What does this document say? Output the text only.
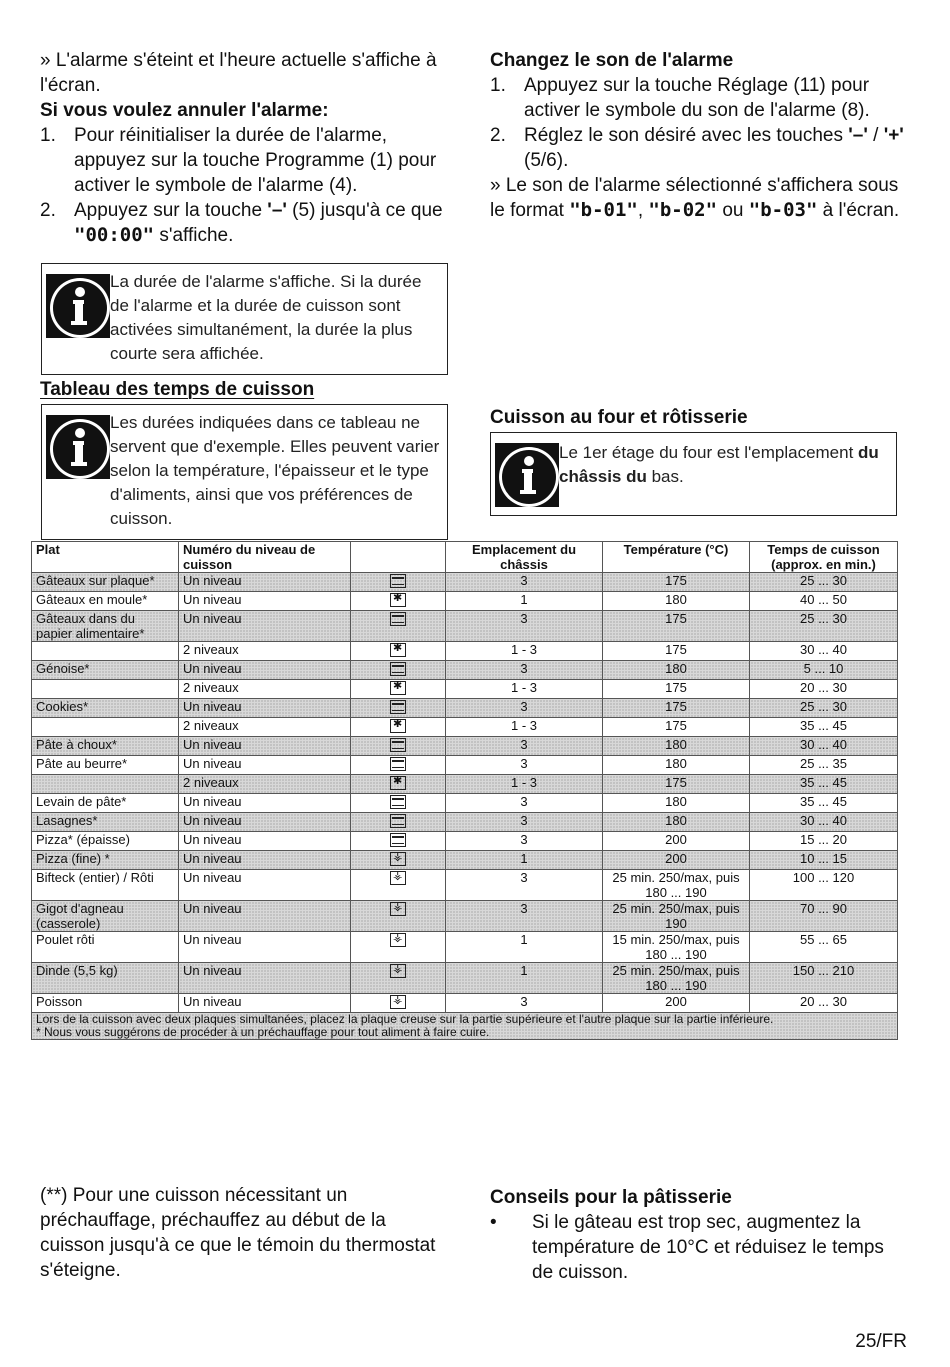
» L'alarme s'éteint et l'heure actuelle s'affiche à l'écran.

Si vous voulez annuler l'alarme:

1. Pour réinitialiser la durée de l'alarme, appuyez sur la touche Programme (1) pour activer le symbole de l'alarme (4).
2. Appuyez sur la touche '–' (5) jusqu'à ce que "00:00" s'affiche.
La durée de l'alarme s'affiche. Si la durée de l'alarme et la durée de cuisson sont activées simultanément, la durée la plus courte sera affichée.

Tableau des temps de cuisson

Les durées indiquées dans ce tableau ne servent que d'exemple. Elles peuvent varier selon la température, l'épaisseur et le type d'aliments, ainsi que vos préférences de cuisson.

Changez le son de l'alarme

1. Appuyez sur la touche Réglage (11) pour activer le symbole du son de l'alarme (8).
2. Réglez le son désiré avec les touches '–' / '+' (5/6).

» Le son de l'alarme sélectionné s'affichera sous le format "b-01", "b-02" ou "b-03" à l'écran.

Cuisson au four et rôtisserie

Le 1er étage du four est l'emplacement du châssis du bas.
Plat	Numéro du niveau de cuisson		Emplacement du châssis	Température (°C)	Temps de cuisson (approx. en min.)
Gâteaux sur plaque*	Un niveau		3	175	25 ... 30
Gâteaux en moule*	Un niveau	✱	1	180	40 ... 50
Gâteaux dans du papier alimentaire*	Un niveau		3	175	25 ... 30
	2 niveaux	✱	1 - 3	175	30 ... 40
Génoise*	Un niveau		3	180	5 ... 10
	2 niveaux	✱	1 - 3	175	20 ... 30
Cookies*	Un niveau		3	175	25 ... 30
	2 niveaux	✱	1 - 3	175	35 ... 45
Pâte à choux*	Un niveau		3	180	30 ... 40
Pâte au beurre*	Un niveau		3	180	25 ... 35
	2 niveaux	✱	1 - 3	175	35 ... 45
Levain de pâte*	Un niveau		3	180	35 ... 45
Lasagnes*	Un niveau		3	180	30 ... 40
Pizza* (épaisse)	Un niveau		3	200	15 ... 20
Pizza (fine) *	Un niveau	⚶	1	200	10 ... 15
Bifteck (entier) / Rôti	Un niveau	⚶	3	25 min. 250/max, puis 180 ... 190	100 ... 120
Gigot d'agneau (casserole)	Un niveau	⚶	3	25 min. 250/max, puis 190	70 ... 90
Poulet rôti	Un niveau	⚶	1	15 min. 250/max, puis 180 ... 190	55 ... 65
Dinde (5,5 kg)	Un niveau	⚶	1	25 min. 250/max, puis 180 ... 190	150 ... 210
Poisson	Un niveau	⚶	3	200	20 ... 30

Lors de la cuisson avec deux plaques simultanées, placez la plaque creuse sur la partie supérieure et l'autre plaque sur la partie inférieure.
* Nous vous suggérons de procéder à un préchauffage pour tout aliment à faire cuire.					
(**) Pour une cuisson nécessitant un préchauffage, préchauffez au début de la cuisson jusqu'à ce que le témoin du thermostat s'éteigne.

Conseils pour la pâtisserie

• Si le gâteau est trop sec, augmentez la température de 10°C et réduisez le temps de cuisson.
25/FR
